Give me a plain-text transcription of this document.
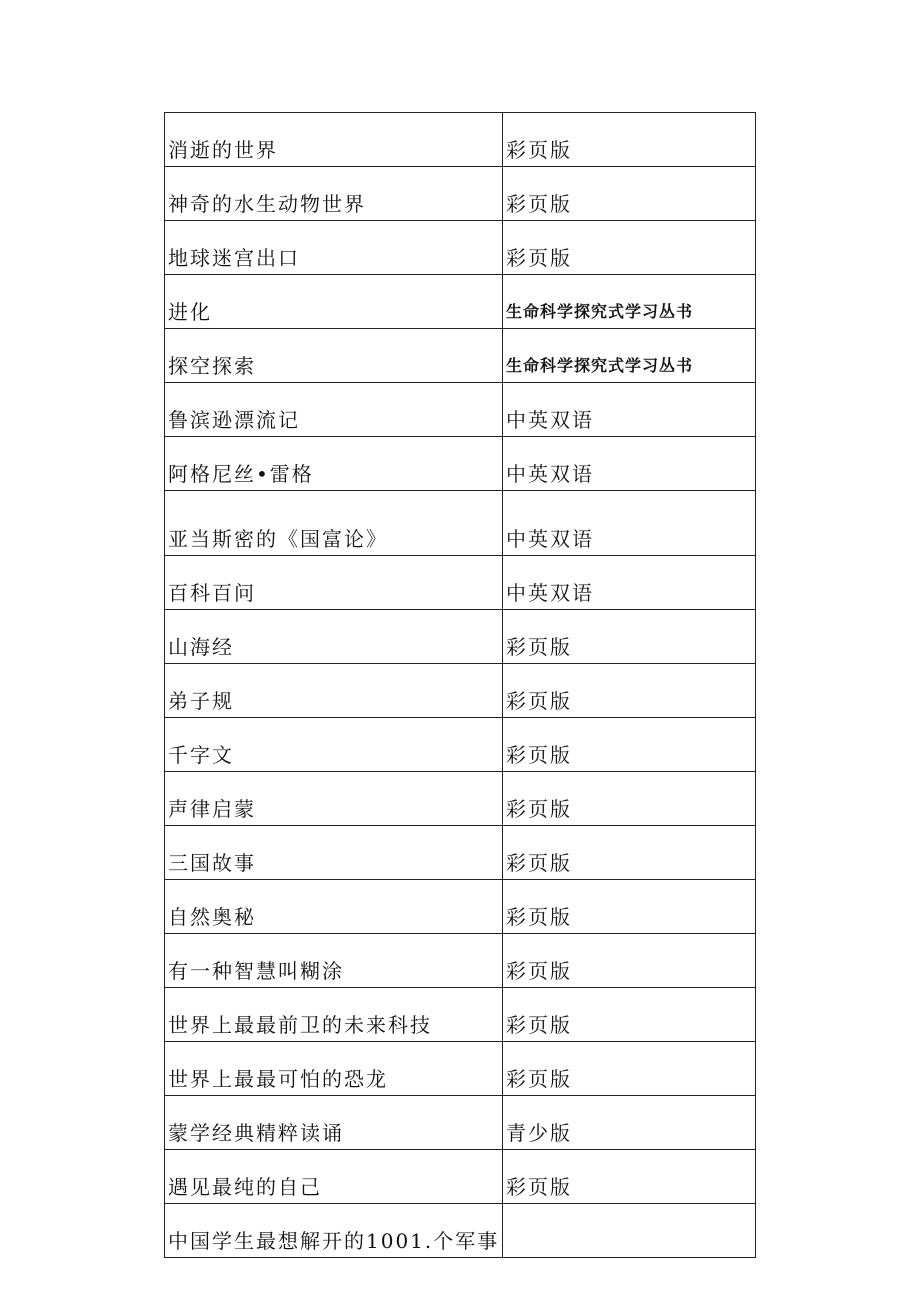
消逝的世界	彩页版
神奇的水生动物世界	彩页版
地球迷宫出口	彩页版
进化	生命科学探究式学习丛书
探空探索	生命科学探究式学习丛书
鲁滨逊漂流记	中英双语
阿格尼丝•雷格	中英双语
亚当斯密的《国富论》	中英双语
百科百问	中英双语
山海经	彩页版
弟子规	彩页版
千字文	彩页版
声律启蒙	彩页版
三国故事	彩页版
自然奥秘	彩页版
有一种智慧叫糊涂	彩页版
世界上最最前卫的未来科技	彩页版
世界上最最可怕的恐龙	彩页版
蒙学经典精粹读诵	青少版
遇见最纯的自己	彩页版
中国学生最想解开的1001.个军事	
